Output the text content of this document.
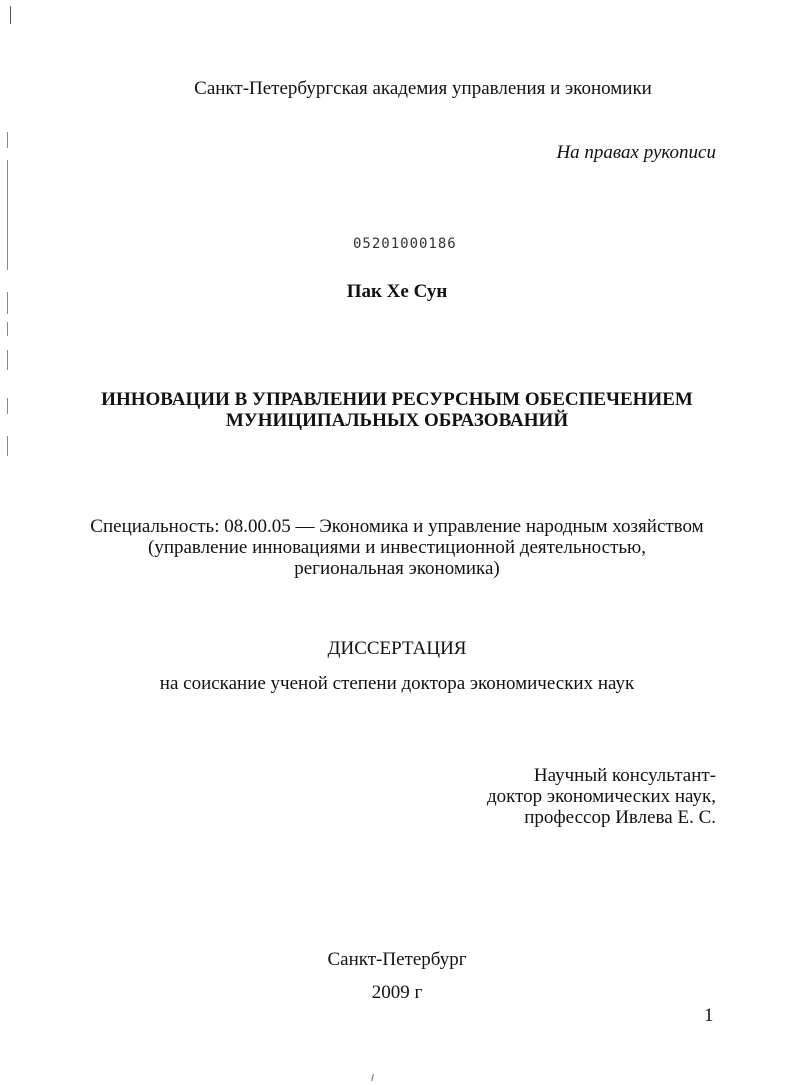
Санкт-Петербургская академия управления и экономики
На правах рукописи
05201000186
Пак Хе Сун
ИННОВАЦИИ В УПРАВЛЕНИИ РЕСУРСНЫМ ОБЕСПЕЧЕНИЕМ
МУНИЦИПАЛЬНЫХ ОБРАЗОВАНИЙ
Специальность: 08.00.05 — Экономика и управление народным хозяйством
(управление инновациями и инвестиционной деятельностью,
региональная экономика)
ДИССЕРТАЦИЯ
на соискание ученой степени доктора экономических наук
Научный консультант-
доктор экономических наук,
профессор Ивлева Е. С.
Санкт-Петербург
2009 г
1
